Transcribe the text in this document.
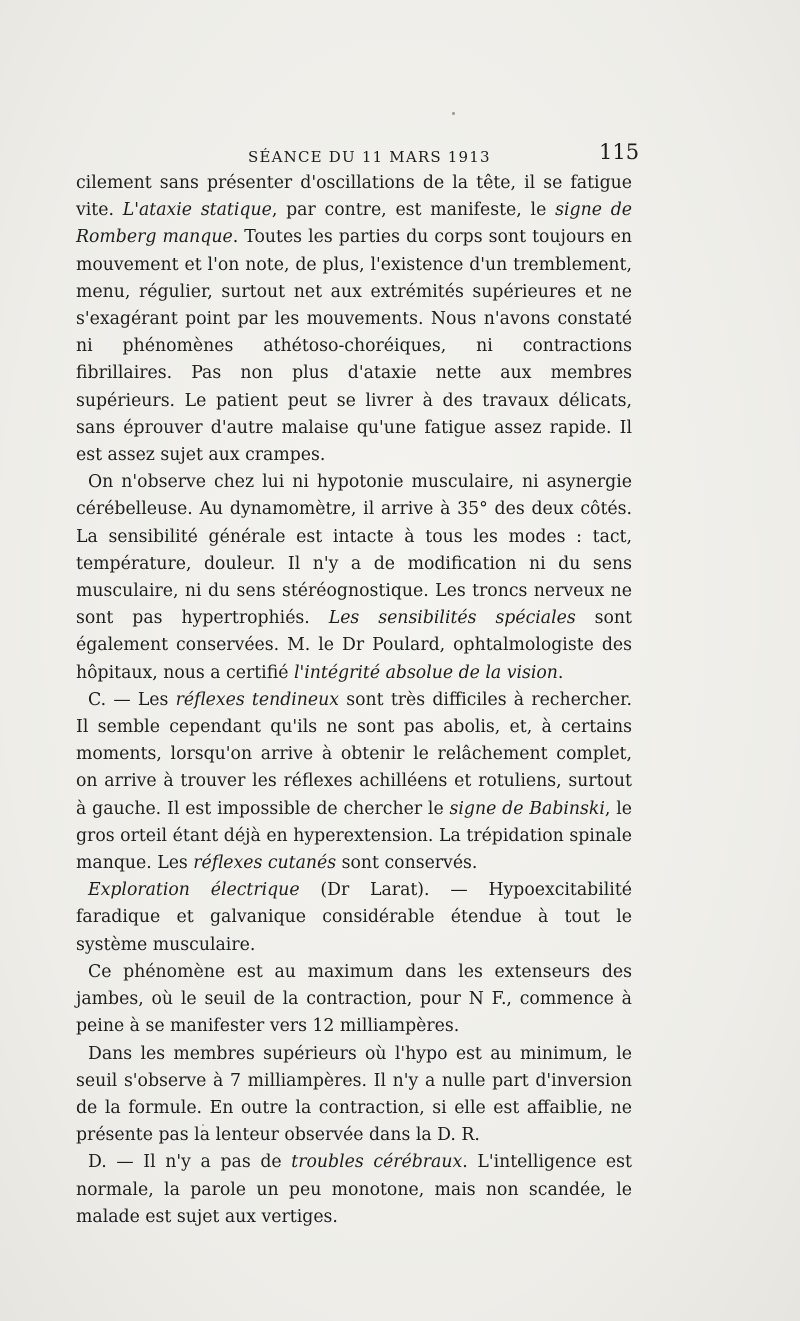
SÉANCE DU 11 MARS 1913	115

cilement sans présenter d'oscillations de la tête, il se fatigue vite. L'ataxie statique, par contre, est manifeste, le signe de Romberg manque. Toutes les parties du corps sont toujours en mouvement et l'on note, de plus, l'existence d'un tremblement, menu, régulier, surtout net aux extrémités supérieures et ne s'exagérant point par les mouvements. Nous n'avons constaté ni phénomènes athétoso-choréiques, ni contractions fibrillaires. Pas non plus d'ataxie nette aux membres supérieurs. Le patient peut se livrer à des travaux délicats, sans éprouver d'autre malaise qu'une fatigue assez rapide. Il est assez sujet aux crampes.

On n'observe chez lui ni hypotonie musculaire, ni asynergie cérébelleuse. Au dynamomètre, il arrive à 35° des deux côtés. La sensibilité générale est intacte à tous les modes : tact, température, douleur. Il n'y a de modification ni du sens musculaire, ni du sens stéréognostique. Les troncs nerveux ne sont pas hypertrophiés. Les sensibilités spéciales sont également conservées. M. le Dr Poulard, ophtalmologiste des hôpitaux, nous a certifié l'intégrité absolue de la vision.

C. — Les réflexes tendineux sont très difficiles à rechercher. Il semble cependant qu'ils ne sont pas abolis, et, à certains moments, lorsqu'on arrive à obtenir le relâchement complet, on arrive à trouver les réflexes achilléens et rotuliens, surtout à gauche. Il est impossible de chercher le signe de Babinski, le gros orteil étant déjà en hyperextension. La trépidation spinale manque. Les réflexes cutanés sont conservés.

Exploration électrique (Dr Larat). — Hypoexcitabilité faradique et galvanique considérable étendue à tout le système musculaire.

Ce phénomène est au maximum dans les extenseurs des jambes, où le seuil de la contraction, pour N F., commence à peine à se manifester vers 12 milliampères.

Dans les membres supérieurs où l'hypo est au minimum, le seuil s'observe à 7 milliampères. Il n'y a nulle part d'inversion de la formule. En outre la contraction, si elle est affaiblie, ne présente pas la lenteur observée dans la D. R.

D. — Il n'y a pas de troubles cérébraux. L'intelligence est normale, la parole un peu monotone, mais non scandée, le malade est sujet aux vertiges.
